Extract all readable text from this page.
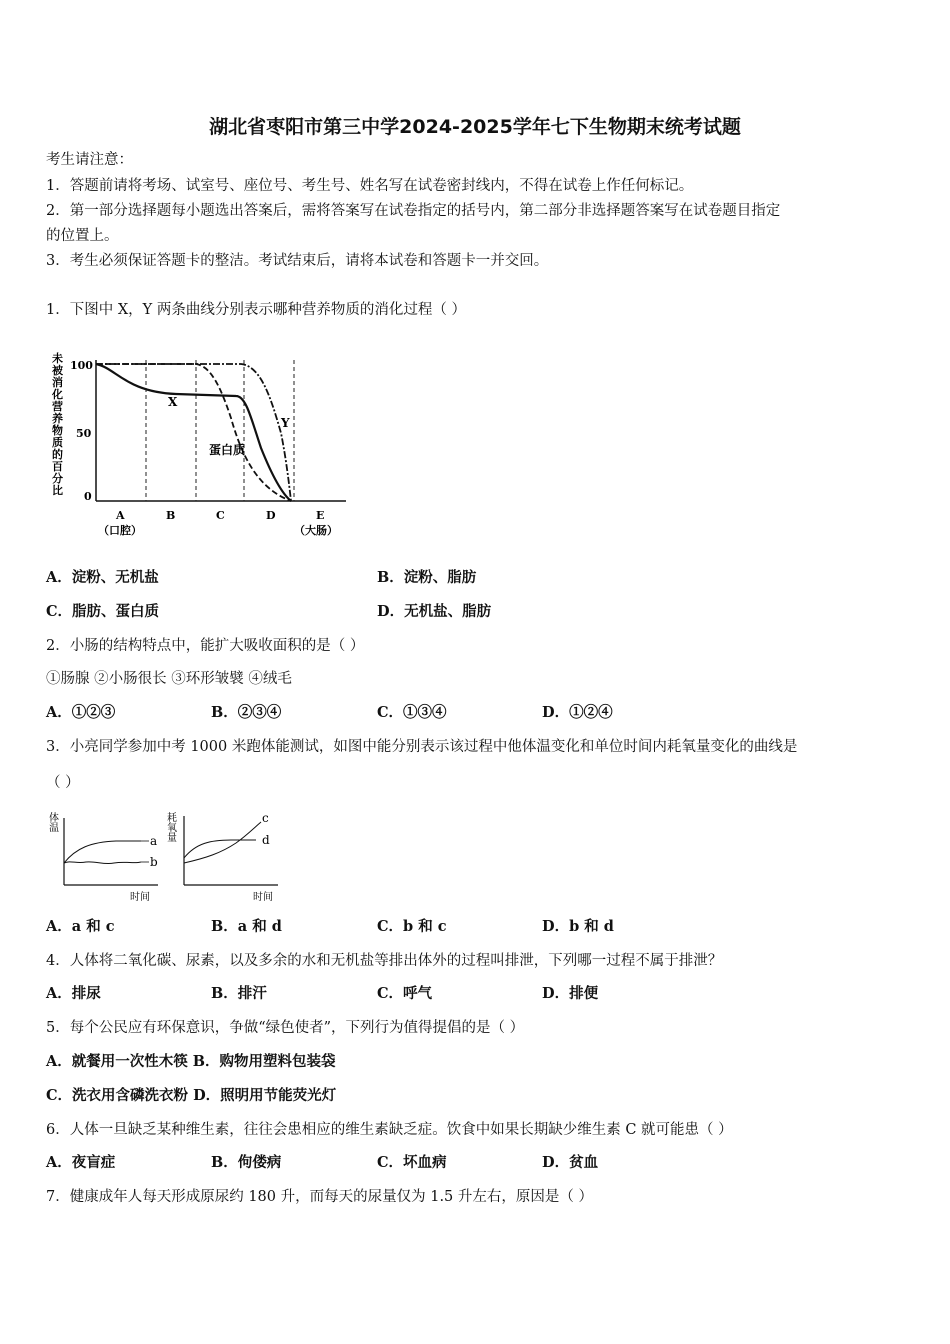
湖北省枣阳市第三中学2024-2025学年七下生物期末统考试题
考生请注意：
1．答题前请将考场、试室号、座位号、考生号、姓名写在试卷密封线内，不得在试卷上作任何标记。
2．第一部分选择题每小题选出答案后，需将答案写在试卷指定的括号内，第二部分非选择题答案写在试卷题目指定
的位置上。
3．考生必须保证答题卡的整洁。考试结束后，请将本试卷和答题卡一并交回。
1．下图中 X，Y 两条曲线分别表示哪种营养物质的消化过程（ ）
未
被
消
化
营
养
物
质
的
百
分
比
100
50
0
X
Y
蛋白质
A	B	C	D	E
（口腔）	（大肠）
A．淀粉、无机盐	B．淀粉、脂肪
C．脂肪、蛋白质	D．无机盐、脂肪
2．小肠的结构特点中，能扩大吸收面积的是（ ）
①肠腺 ②小肠很长 ③环形皱襞 ④绒毛
A．①②③	B．②③④	C．①③④	D．①②④
3．小亮同学参加中考 1000 米跑体能测试，如图中能分别表示该过程中他体温变化和单位时间内耗氧量变化的曲线是
（ ）
体温
时间
a
b
耗氧量
时间
c
d
A．a 和 c	B．a 和 d	C．b 和 c	D．b 和 d
4．人体将二氧化碳、尿素，以及多余的水和无机盐等排出体外的过程叫排泄，下列哪一过程不属于排泄？
A．排尿	B．排汗	C．呼气	D．排便
5．每个公民应有环保意识，争做“绿色使者”，下列行为值得提倡的是（ ）
A．就餐用一次性木筷 B．购物用塑料包装袋
C．洗衣用含磷洗衣粉 D．照明用节能荧光灯
6．人体一旦缺乏某种维生素，往往会患相应的维生素缺乏症。饮食中如果长期缺少维生素 C 就可能患（ ）
A．夜盲症	B．佝偻病	C．坏血病	D．贫血
7．健康成年人每天形成原尿约 180 升，而每天的尿量仅为 1.5 升左右，原因是（ ）
